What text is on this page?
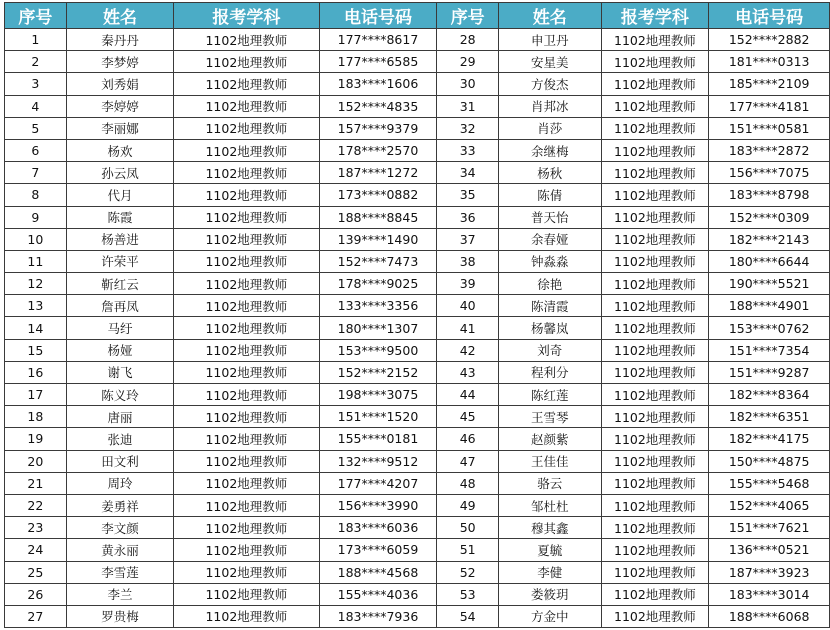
序号	姓名	报考学科	电话号码	序号	姓名	报考学科	电话号码
1	秦丹丹	1102地理教师	177****8617	28	申卫丹	1102地理教师	152****2882
2	李梦婷	1102地理教师	177****6585	29	安星美	1102地理教师	181****0313
3	刘秀娟	1102地理教师	183****1606	30	方俊杰	1102地理教师	185****2109
4	李婷婷	1102地理教师	152****4835	31	肖邦冰	1102地理教师	177****4181
5	李丽娜	1102地理教师	157****9379	32	肖莎	1102地理教师	151****0581
6	杨欢	1102地理教师	178****2570	33	余继梅	1102地理教师	183****2872
7	孙云凤	1102地理教师	187****1272	34	杨秋	1102地理教师	156****7075
8	代月	1102地理教师	173****0882	35	陈倩	1102地理教师	183****8798
9	陈霞	1102地理教师	188****8845	36	普天怡	1102地理教师	152****0309
10	杨善进	1102地理教师	139****1490	37	余春娅	1102地理教师	182****2143
11	许荣平	1102地理教师	152****7473	38	钟淼淼	1102地理教师	180****6644
12	靳红云	1102地理教师	178****9025	39	徐艳	1102地理教师	190****5521
13	詹再凤	1102地理教师	133****3356	40	陈清霞	1102地理教师	188****4901
14	马纡	1102地理教师	180****1307	41	杨馨岚	1102地理教师	153****0762
15	杨娅	1102地理教师	153****9500	42	刘奇	1102地理教师	151****7354
16	谢飞	1102地理教师	152****2152	43	程利分	1102地理教师	151****9287
17	陈义玲	1102地理教师	198****3075	44	陈红莲	1102地理教师	182****8364
18	唐丽	1102地理教师	151****1520	45	王雪琴	1102地理教师	182****6351
19	张迪	1102地理教师	155****0181	46	赵颜紫	1102地理教师	182****4175
20	田文利	1102地理教师	132****9512	47	王佳佳	1102地理教师	150****4875
21	周玲	1102地理教师	177****4207	48	骆云	1102地理教师	155****5468
22	姜勇祥	1102地理教师	156****3990	49	邹杜杜	1102地理教师	152****4065
23	李文颜	1102地理教师	183****6036	50	穆其鑫	1102地理教师	151****7621
24	黄永丽	1102地理教师	173****6059	51	夏毓	1102地理教师	136****0521
25	李雪莲	1102地理教师	188****4568	52	李健	1102地理教师	187****3923
26	李兰	1102地理教师	155****4036	53	娄筱玥	1102地理教师	183****3014
27	罗贵梅	1102地理教师	183****7936	54	方金中	1102地理教师	188****6068
